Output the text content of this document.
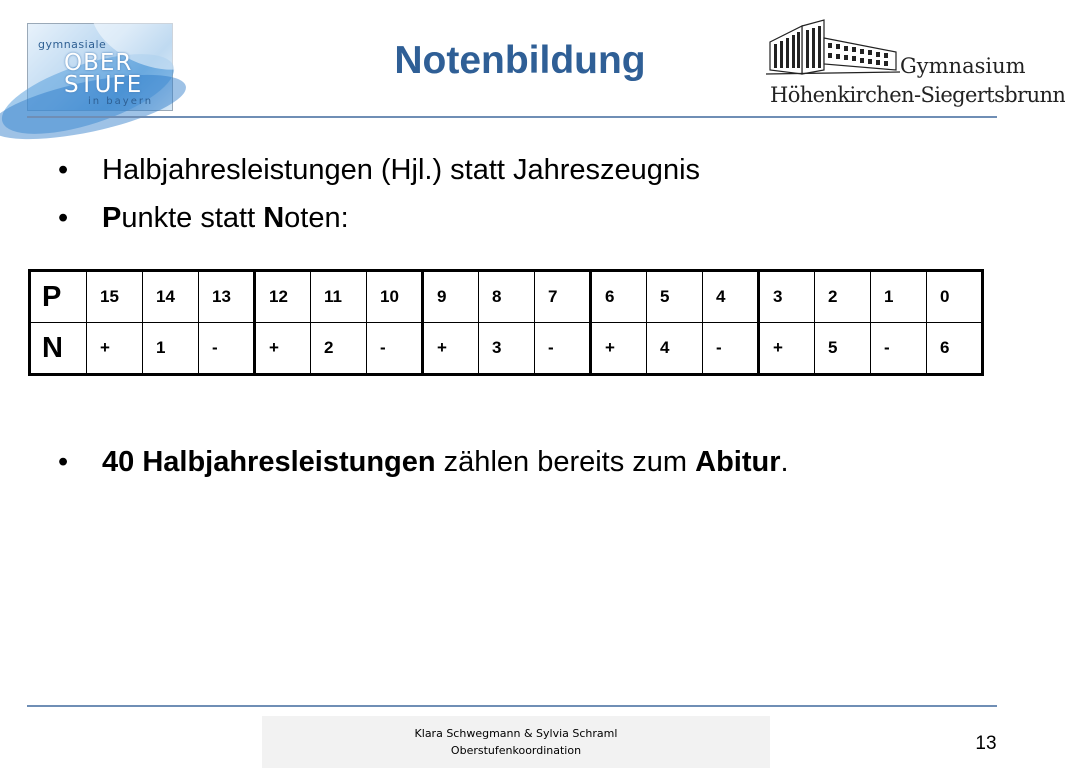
gymnasiale
OBER
STUFE
in bayern
Notenbildung	Gymnasium
Höhenkirchen-Siegertsbrunn
• Halbjahresleistungen (Hjl.) statt Jahreszeugnis
• Punkte statt Noten:
P	15	14	13	12	11	10	9	8	7	6	5	4	3	2	1	0
N	+	1	-	+	2	-	+	3	-	+	4	-	+	5	-	6
• 40 Halbjahresleistungen zählen bereits zum Abitur.
Klara Schwegmann & Sylvia Schraml
Oberstufenkoordination	13
